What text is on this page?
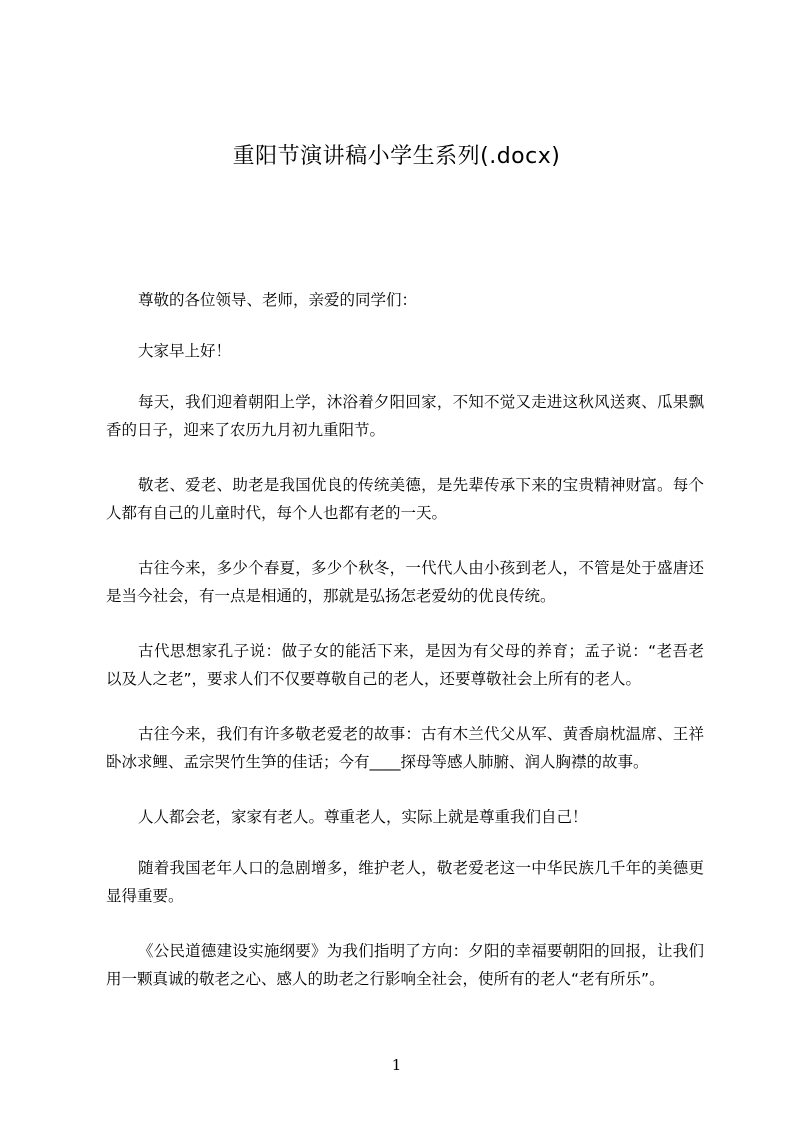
重阳节演讲稿小学生系列(.docx)

尊敬的各位领导、老师，亲爱的同学们：

大家早上好！

每天，我们迎着朝阳上学，沐浴着夕阳回家，不知不觉又走进这秋风送爽、瓜果飘香的日子，迎来了农历九月初九重阳节。

敬老、爱老、助老是我国优良的传统美德，是先辈传承下来的宝贵精神财富。每个人都有自己的儿童时代，每个人也都有老的一天。

古往今来，多少个春夏，多少个秋冬，一代代人由小孩到老人，不管是处于盛唐还是当今社会，有一点是相通的，那就是弘扬怎老爱幼的优良传统。

古代思想家孔子说：做子女的能活下来，是因为有父母的养育；孟子说：“老吾老以及人之老”，要求人们不仅要尊敬自己的老人，还要尊敬社会上所有的老人。

古往今来，我们有许多敬老爱老的故事：古有木兰代父从军、黄香扇枕温席、王祥卧冰求鲤、孟宗哭竹生笋的佳话；今有____探母等感人肺腑、润人胸襟的故事。

人人都会老，家家有老人。尊重老人，实际上就是尊重我们自己！

随着我国老年人口的急剧增多，维护老人，敬老爱老这一中华民族几千年的美德更显得重要。

《公民道德建设实施纲要》为我们指明了方向：夕阳的幸福要朝阳的回报，让我们用一颗真诚的敬老之心、感人的助老之行影响全社会，使所有的老人“老有所乐”。

1
